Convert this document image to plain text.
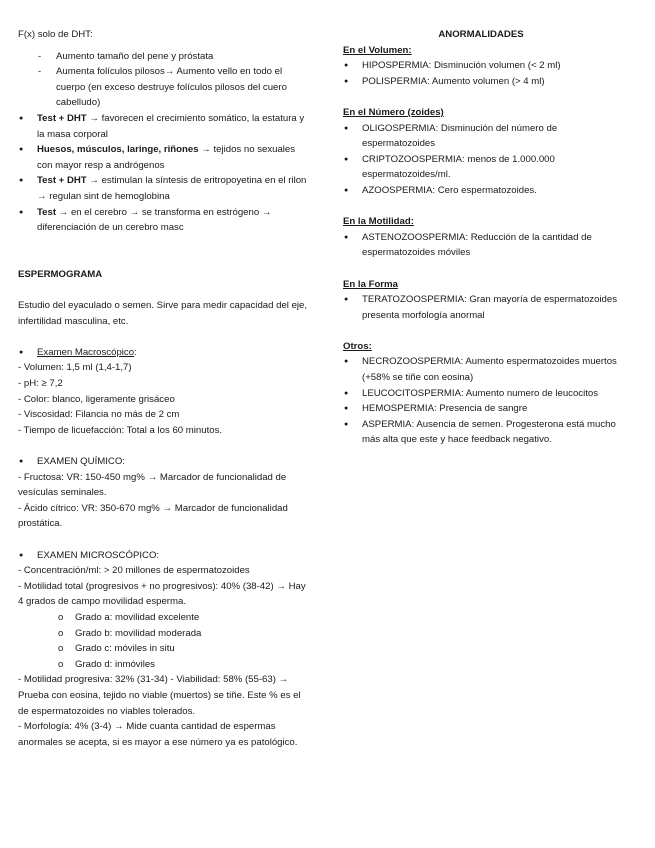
F(x) solo de DHT:

- Aumento tamaño del pene y próstata
- Aumenta folículos pilosos→ Aumento vello en todo el cuerpo (en exceso destruye folículos pilosos del cuero cabelludo)
● Test + DHT → favorecen el crecimiento somático, la estatura y la masa corporal
● Huesos, músculos, laringe, riñones → tejidos no sexuales con mayor resp a andrógenos
● Test + DHT → estimulan la síntesis de eritropoyetina en el rilon → regulan sint de hemoglobina
● Test → en el cerebro → se transforma en estrógeno → diferenciación de un cerebro masc

ESPERMOGRAMA

Estudio del eyaculado o semen. Sirve para medir capacidad del eje, infertilidad masculina, etc.

● Examen Macroscópico:

- Volumen: 1,5 ml (1,4-1,7)

- pH: ≥ 7,2

- Color: blanco, ligeramente grisáceo

- Viscosidad: Filancia no más de 2 cm

- Tiempo de licuefacción: Total a los 60 minutos.

● EXAMEN QUÍMICO:

- Fructosa: VR: 150-450 mg% → Marcador de funcionalidad de vesículas seminales.

- Ácido cítrico: VR: 350-670 mg% → Marcador de funcionalidad prostática.

● EXAMEN MICROSCÓPICO:

- Concentración/ml: > 20 millones de espermatozoides

- Motilidad total (progresivos + no progresivos): 40% (38-42) → Hay 4 grados de campo movilidad esperma.

o Grado a: movilidad excelente
o Grado b: movilidad moderada
o Grado c: móviles in situ
o Grado d: inmóviles

- Motilidad progresiva: 32% (31-34) - Viabilidad: 58% (55-63) → Prueba con eosina, tejido no viable (muertos) se tiñe. Este % es el de espermatozoides no viables tolerados.

- Morfología: 4% (3-4) → Mide cuanta cantidad de espermas anormales se acepta, si es mayor a ese número ya es patológico.

ANORMALIDADES

En el Volumen:

● HIPOSPERMIA: Disminución volumen (< 2 ml)
● POLISPERMIA: Aumento volumen (> 4 ml)

En el Número (zoides)

● OLIGOSPERMIA: Disminución del número de espermatozoides
● CRIPTOZOOSPERMIA: menos de 1.000.000 espermatozoides/ml.
● AZOOSPERMIA: Cero espermatozoides.

En la Motilidad:

● ASTENOZOOSPERMIA: Reducción de la cantidad de espermatozoides móviles

En la Forma

● TERATOZOOSPERMIA: Gran mayoría de espermatozoides presenta morfología anormal

Otros:

● NECROZOOSPERMIA: Aumento espermatozoides muertos (+58% se tiñe con eosina)
● LEUCOCITOSPERMIA: Aumento numero de leucocitos
● HEMOSPERMIA: Presencia de sangre
● ASPERMIA: Ausencia de semen. Progesterona está mucho más alta que este y hace feedback negativo.
